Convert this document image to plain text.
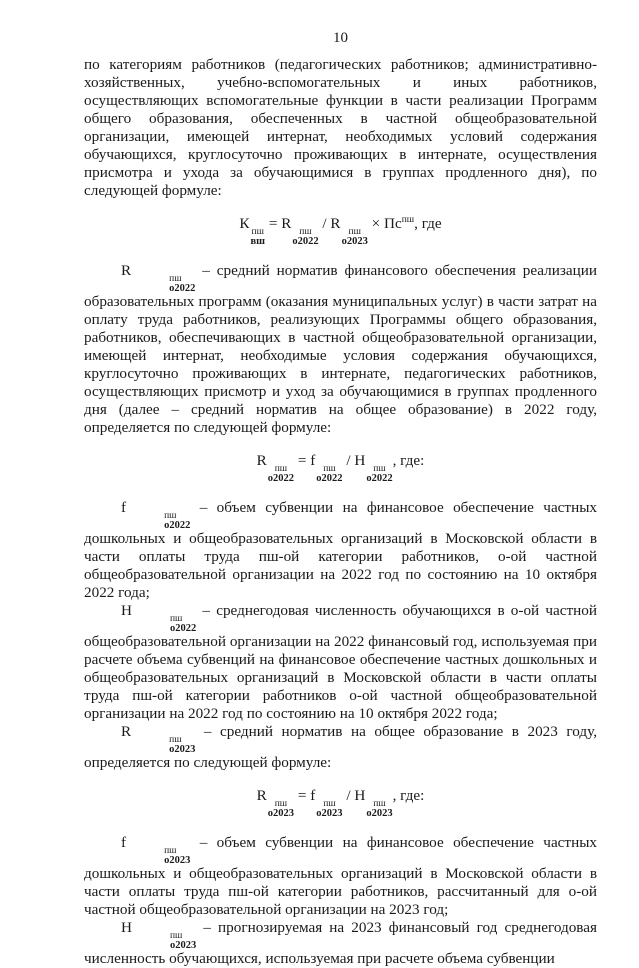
10

по категориям работников (педагогических работников; административно-хозяйственных, учебно-вспомогательных и иных работников, осуществляющих вспомогательные функции в части реализации Программ общего образования, обеспеченных в частной общеобразовательной организации, имеющей интернат, необходимых условий содержания обучающихся, круглосуточно проживающих в интернате, осуществления присмотра и ухода за обучающимися в группах продленного дня), по следующей формуле:

К пш
вш
= R пш
o2022
/ R пш
o2023
× $Пс^{пш}$, где

R	пш
o2022
– средний норматив финансового обеспечения реализации образовательных программ (оказания муниципальных услуг) в части затрат на оплату труда работников, реализующих Программы общего образования, работников, обеспечивающих в частной общеобразовательной организации, имеющей интернат, необходимые условия содержания обучающихся, круглосуточно проживающих в интернате, педагогических работников, осуществляющих присмотр и уход за обучающимися в группах продленного дня (далее – средний норматив на общее образование) в 2022 году, определяется по следующей формуле:

R пш
o2022
= f пш
o2022
/ Н пш
o2022
, где:

f	пш
o2022
– объем субвенции на финансовое обеспечение частных дошкольных и общеобразовательных организаций в Московской области в части оплаты труда пш-ой категории работников, о-ой частной общеобразовательной организации на 2022 год по состоянию на 10 октября 2022 года;

Н	пш
o2022
– среднегодовая численность обучающихся в о-ой частной общеобразовательной организации на 2022 финансовый год, используемая при расчете объема субвенций на финансовое обеспечение частных дошкольных и общеобразовательных организаций в Московской области в части оплаты труда пш-ой категории работников о-ой частной общеобразовательной организации на 2022 год по состоянию на 10 октября 2022 года;

R	пш
o2023
– средний норматив на общее образование в 2023 году, определяется по следующей формуле:

R пш
o2023
= f пш
o2023
/ Н пш
o2023
, где:

f	пш
o2023
– объем субвенции на финансовое обеспечение частных дошкольных и общеобразовательных организаций в Московской области в части оплаты труда пш-ой категории работников, рассчитанный для о-ой частной общеобразовательной организации на 2023 год;

Н	пш
o2023
– прогнозируемая на 2023 финансовый год среднегодовая численность обучающихся, используемая при расчете объема субвенции
